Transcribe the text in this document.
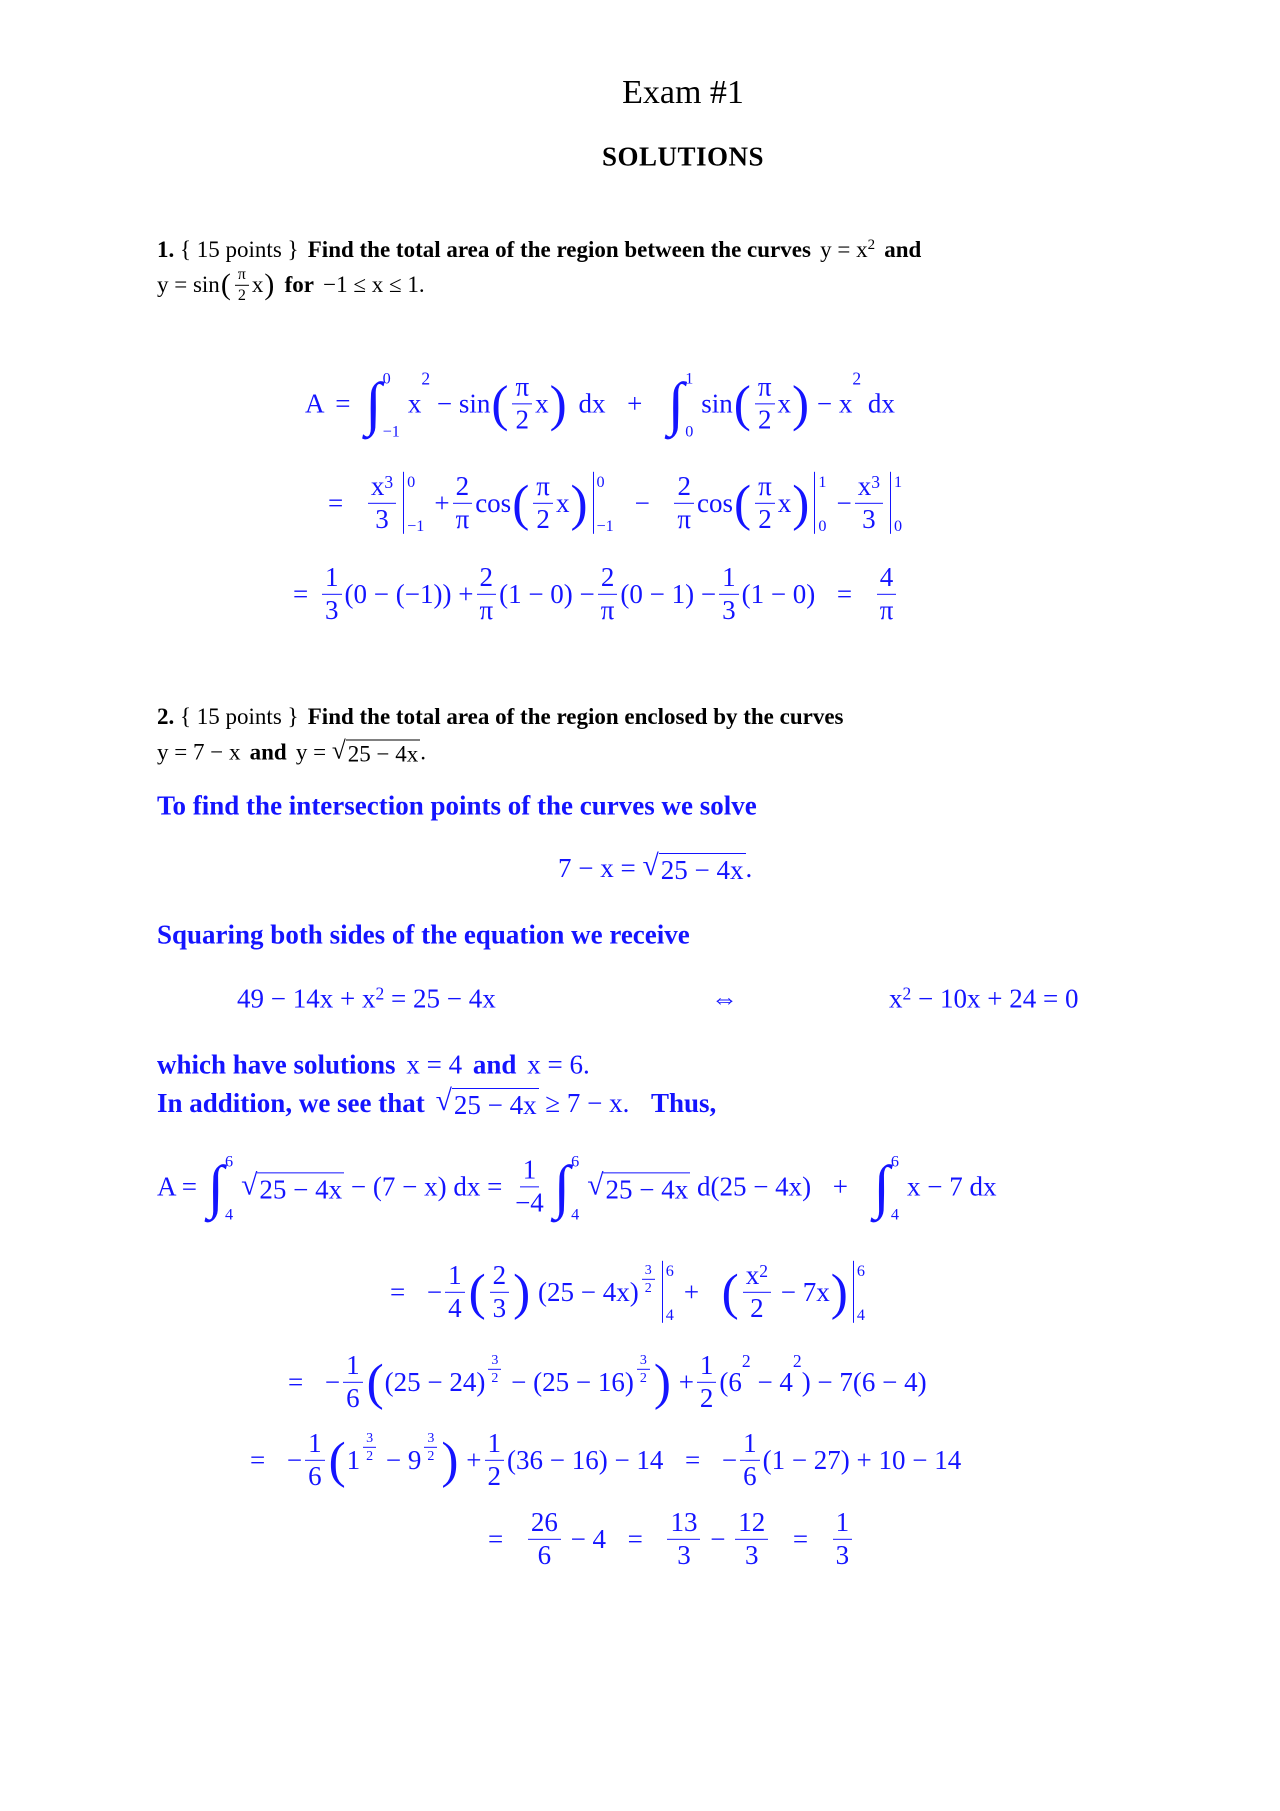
Exam #1
SOLUTIONS
1. { 15 points } Find the total area of the region between the curves y = x 2 and
y = sin ( $\frac{\pi}{2}$ x ) for −1 ≤ x ≤ 1.
A = ∫ 0
−1
x
2
− sin ( $\frac{\pi}{2}$ x ) dx + ∫ 1
0
sin ( $\frac{\pi}{2}$ x ) − x
2
dx
= $\frac{x 3}{3} 0$
−1
+ $\frac{2}{\pi}$ cos ( $\frac{\pi}{2}$ x ) 0
−1
− $\frac{2}{\pi}$ cos ( $\frac{\pi}{2}$ x ) 1
0
− $\frac{x 3}{3} 1$
0
= $\frac{1}{3} (0 - (-1)) + \frac{2}{\pi} (1 - 0) - \frac{2}{\pi} (0 - 1) - \frac{1}{3} (1 - 0) = \frac{4}{\pi}$
2. { 15 points } Find the total area of the region enclosed by the curves
y = 7 − x and y = √ 25 − 4x .
To find the intersection points of the curves we solve
7 − x = √ 25 − 4x .
Squaring both sides of the equation we receive
49 − 14x + x 2 = 25 − 4x	⇔	x 2 − 10x + 24 = 0
which have solutions x = 4 and x = 6.
In addition, we see that √ 25 − 4x ≥ 7 − x. Thus,
A = ∫ 6
4
√ 25 − 4x − (7 − x) dx = $\frac{1}{-4}$ ∫ 6
4
√ 25 − 4x d(25 − 4x) + ∫ 6
4
x − 7 dx
= − $\frac{1}{4}$ ( $\frac{2}{3}$ ) $(25 - 4x) \frac{3}{2} 6$
4
+ ( $\frac{x 2}{2} - 7x$ ) 6
4
= − $\frac{1}{6}$ ( $(25 - 24) \frac{3}{2} - (25 - 16) \frac{3}{2}$ ) + $\frac{1}{2} (6$
2
− 4
2
) − 7(6 − 4)
= − $\frac{1}{6}$ ( $1 \frac{3}{2} - 9 \frac{3}{2}$ ) + $\frac{1}{2} (36 - 16) - 14$ = − $\frac{1}{6} (1 - 27) + 10 - 14$
= $\frac{26}{6} - 4 = \frac{13}{3} - \frac{12}{3} = \frac{1}{3}$
